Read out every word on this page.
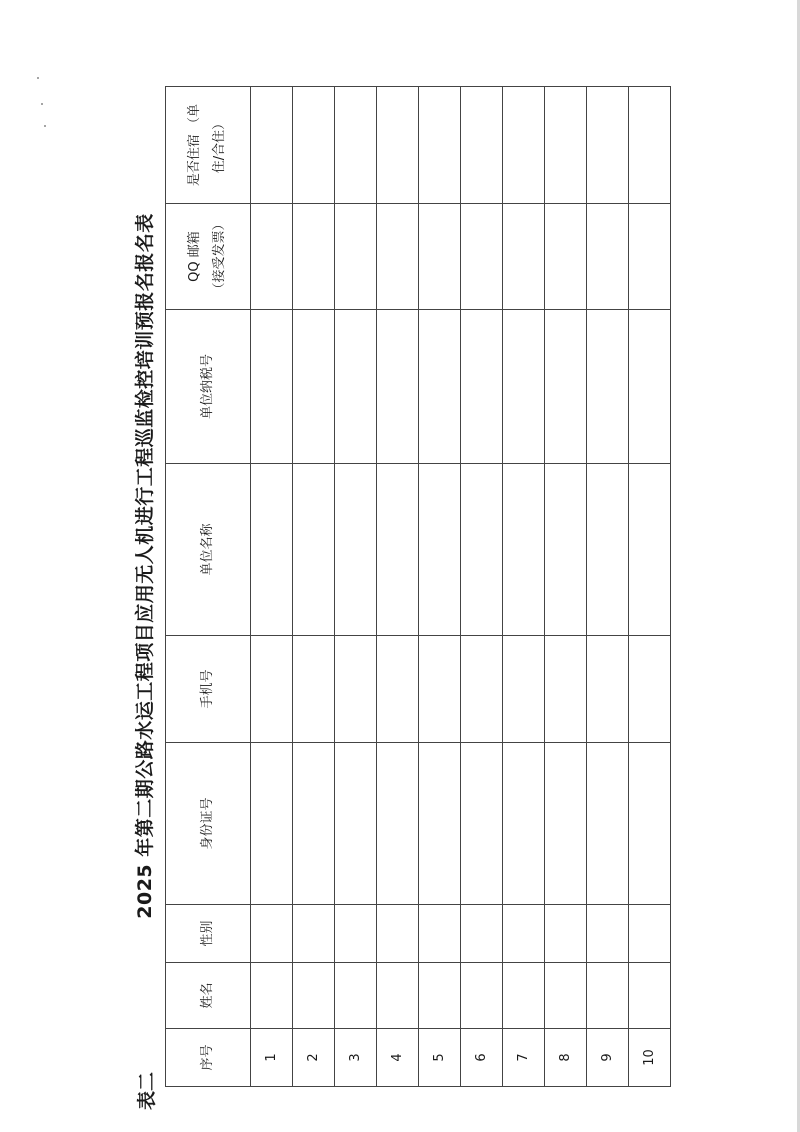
表二
2025 年第二期公路水运工程项目应用无人机进行工程巡监检控培训预报名报名表
序号	姓名	性别	身份证号	手机号	单位名称	单位纳税号	QQ 邮箱 （接受发票）	是否住宿 （单 住/合住）

1								
2								
3								
4								
5								
6								
7								
8								
9								
10								
